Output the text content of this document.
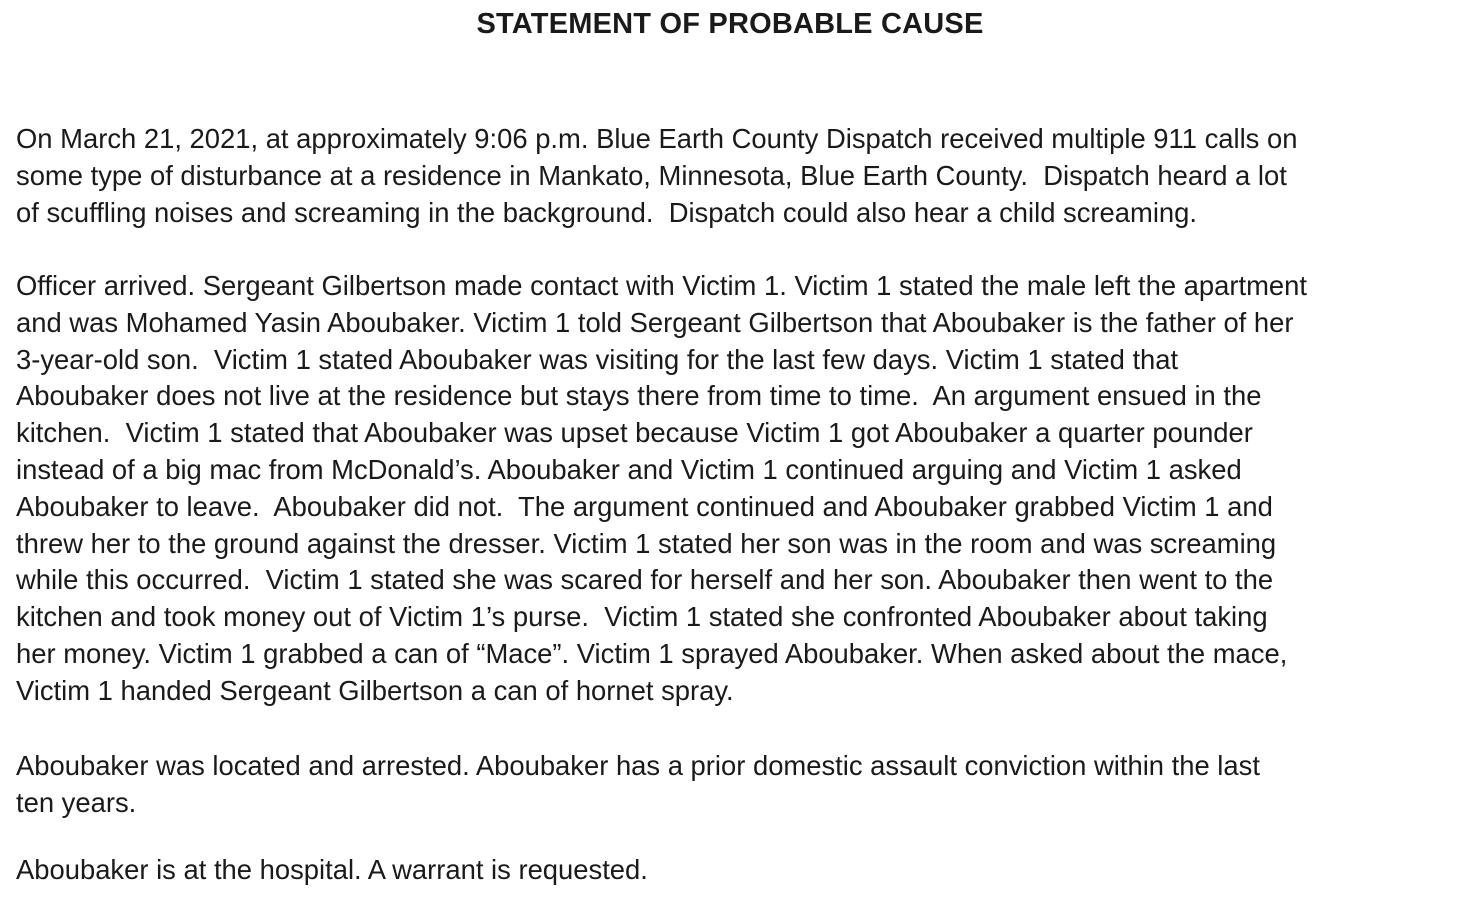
STATEMENT OF PROBABLE CAUSE

On March 21, 2021, at approximately 9:06 p.m. Blue Earth County Dispatch received multiple 911 calls on
some type of disturbance at a residence in Mankato, Minnesota, Blue Earth County.  Dispatch heard a lot
of scuffling noises and screaming in the background.  Dispatch could also hear a child screaming.

Officer arrived. Sergeant Gilbertson made contact with Victim 1. Victim 1 stated the male left the apartment
and was Mohamed Yasin Aboubaker. Victim 1 told Sergeant Gilbertson that Aboubaker is the father of her
3-year-old son.  Victim 1 stated Aboubaker was visiting for the last few days. Victim 1 stated that
Aboubaker does not live at the residence but stays there from time to time.  An argument ensued in the
kitchen.  Victim 1 stated that Aboubaker was upset because Victim 1 got Aboubaker a quarter pounder
instead of a big mac from McDonald’s. Aboubaker and Victim 1 continued arguing and Victim 1 asked
Aboubaker to leave.  Aboubaker did not.  The argument continued and Aboubaker grabbed Victim 1 and
threw her to the ground against the dresser. Victim 1 stated her son was in the room and was screaming
while this occurred.  Victim 1 stated she was scared for herself and her son. Aboubaker then went to the
kitchen and took money out of Victim 1’s purse.  Victim 1 stated she confronted Aboubaker about taking
her money. Victim 1 grabbed a can of “Mace”. Victim 1 sprayed Aboubaker. When asked about the mace,
Victim 1 handed Sergeant Gilbertson a can of hornet spray.

Aboubaker was located and arrested. Aboubaker has a prior domestic assault conviction within the last
ten years.

Aboubaker is at the hospital. A warrant is requested.
